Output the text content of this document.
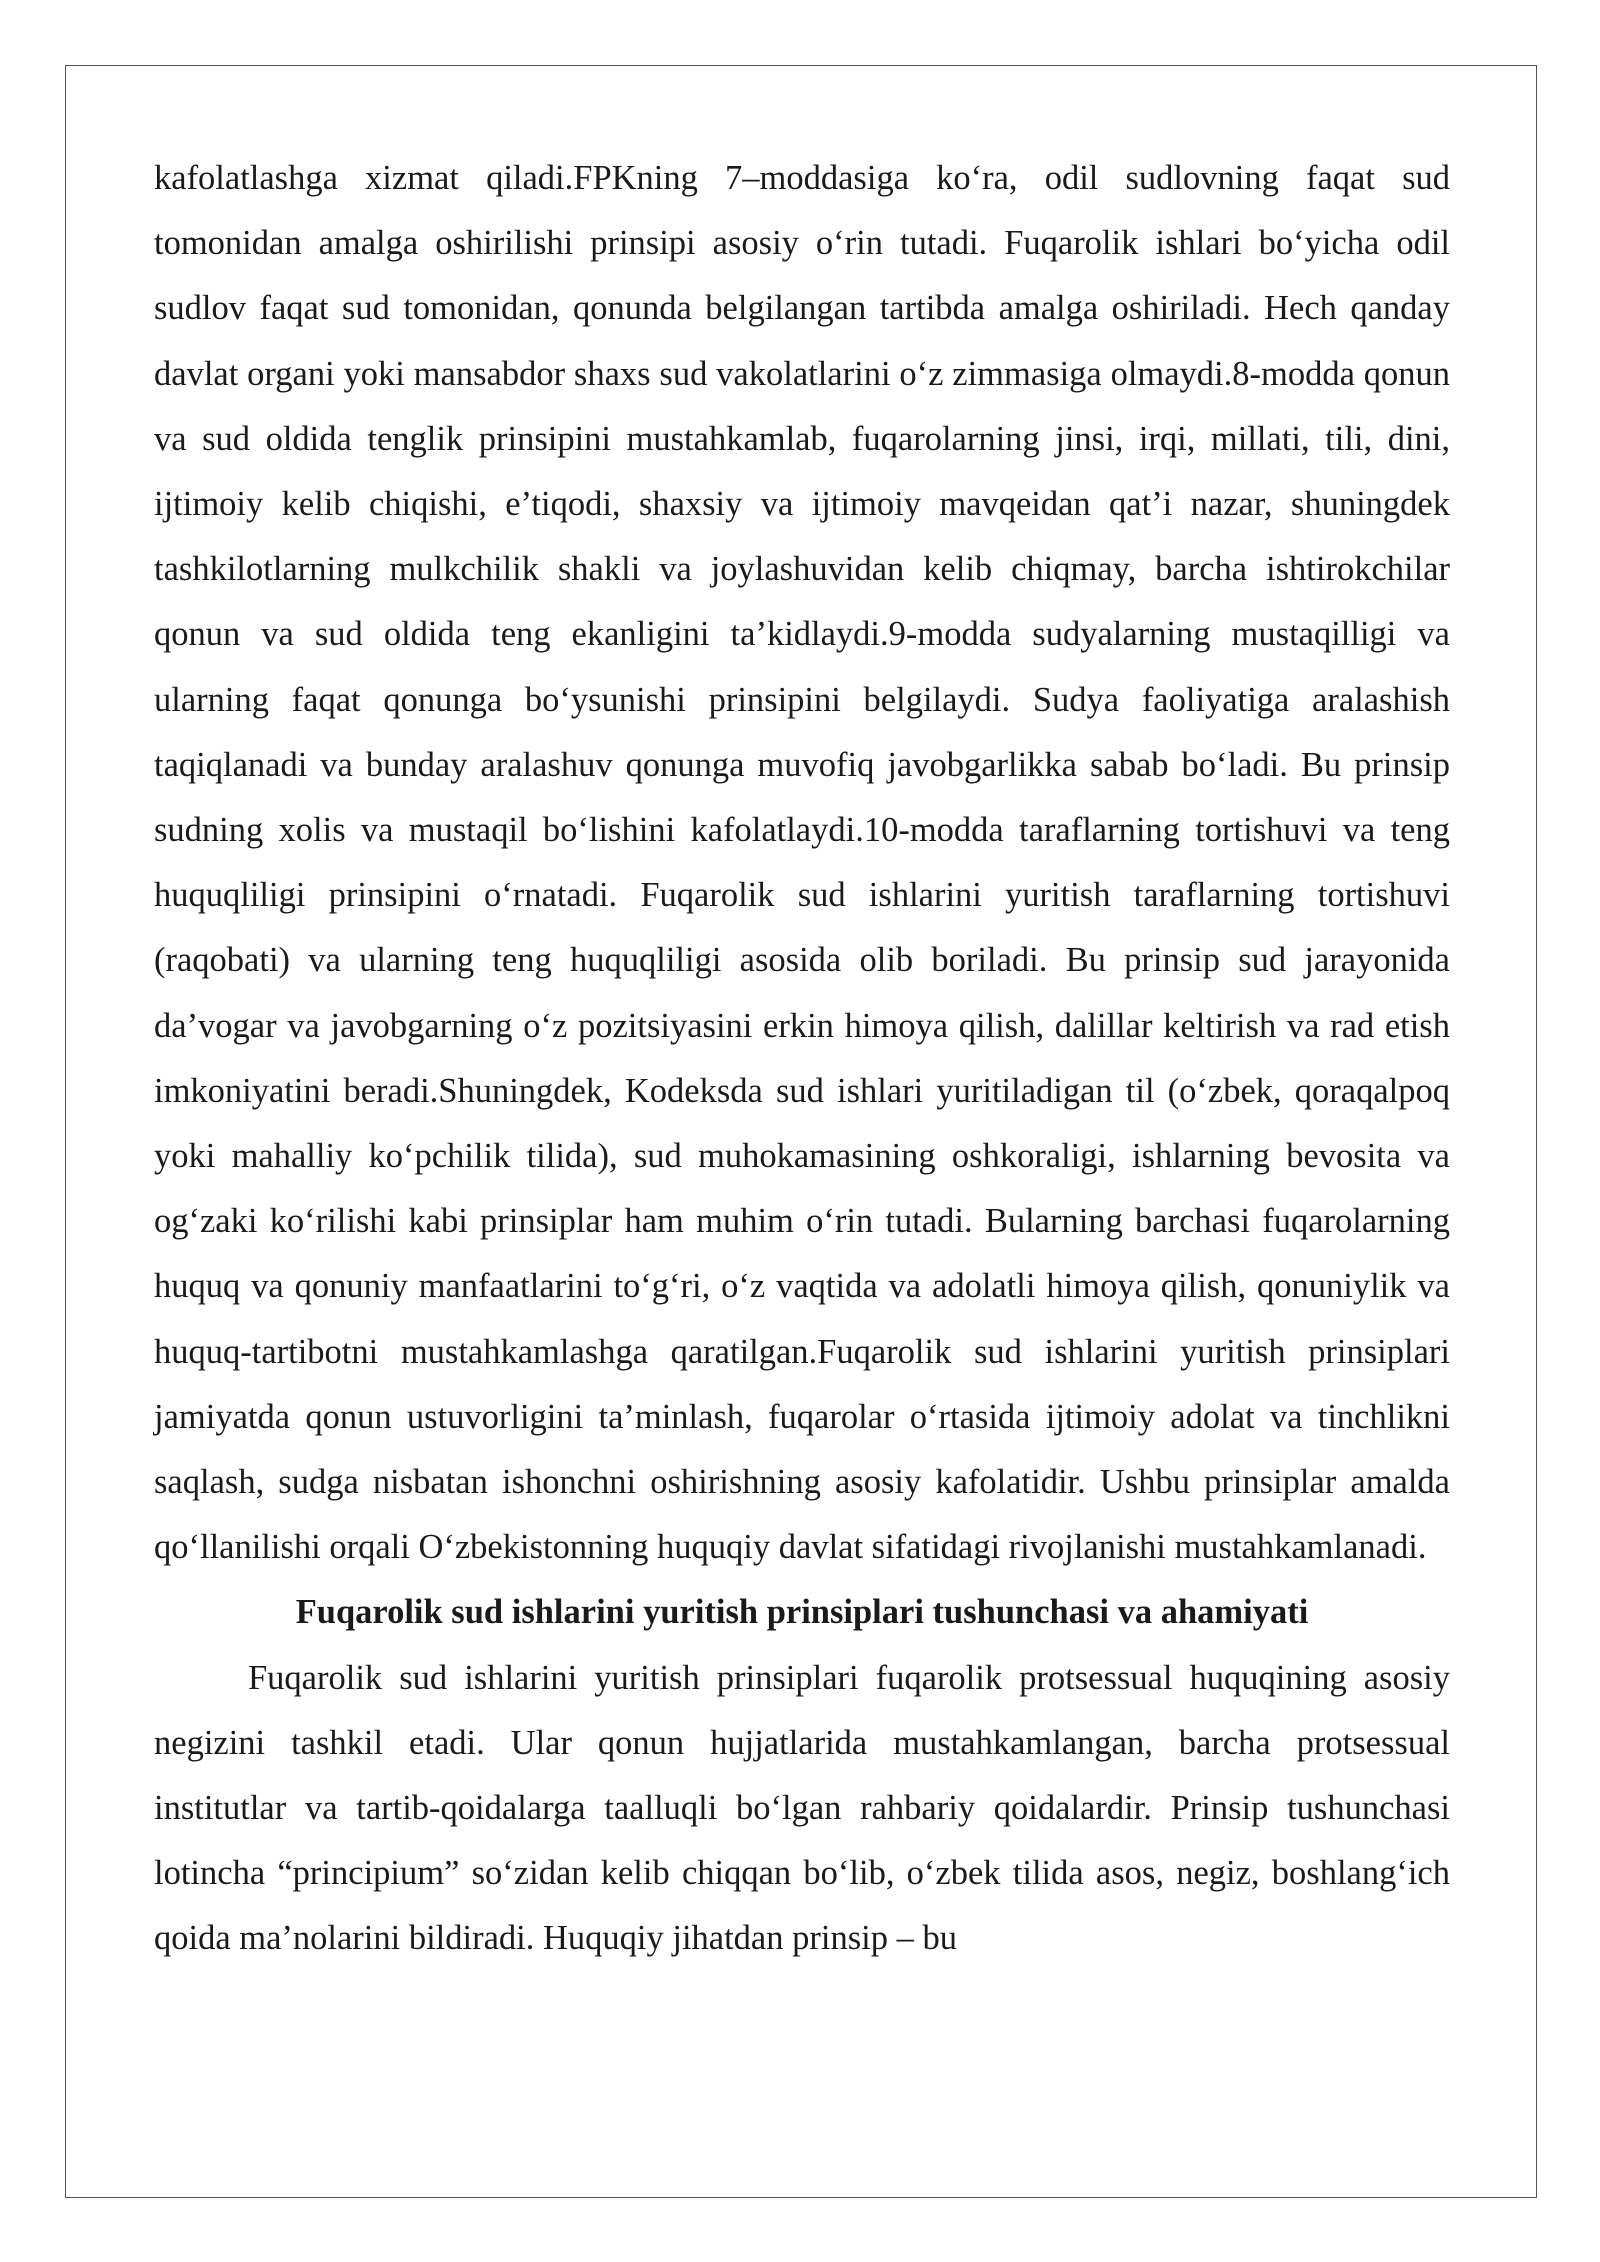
kafolatlashga xizmat qiladi.FPKning 7–moddasiga ko‘ra, odil sudlovning faqat sud tomonidan amalga oshirilishi prinsipi asosiy o‘rin tutadi. Fuqarolik ishlari bo‘yicha odil sudlov faqat sud tomonidan, qonunda belgilangan tartibda amalga oshiriladi. Hech qanday davlat organi yoki mansabdor shaxs sud vakolatlarini o‘z zimmasiga olmaydi.8-modda qonun va sud oldida tenglik prinsipini mustahkamlab, fuqarolarning jinsi, irqi, millati, tili, dini, ijtimoiy kelib chiqishi, e’tiqodi, shaxsiy va ijtimoiy mavqeidan qat’i nazar, shuningdek tashkilotlarning mulkchilik shakli va joylashuvidan kelib chiqmay, barcha ishtirokchilar qonun va sud oldida teng ekanligini ta’kidlaydi.9-modda sudyalarning mustaqilligi va ularning faqat qonunga bo‘ysunishi prinsipini belgilaydi. Sudya faoliyatiga aralashish taqiqlanadi va bunday aralashuv qonunga muvofiq javobgarlikka sabab bo‘ladi. Bu prinsip sudning xolis va mustaqil bo‘lishini kafolatlaydi.10-modda taraflarning tortishuvi va teng huquqliligi prinsipini o‘rnatadi. Fuqarolik sud ishlarini yuritish taraflarning tortishuvi (raqobati) va ularning teng huquqliligi asosida olib boriladi. Bu prinsip sud jarayonida da’vogar va javobgarning o‘z pozitsiyasini erkin himoya qilish, dalillar keltirish va rad etish imkoniyatini beradi.Shuningdek, Kodeksda sud ishlari yuritiladigan til (o‘zbek, qoraqalpoq yoki mahalliy ko‘pchilik tilida), sud muhokamasining oshkoraligi, ishlarning bevosita va og‘zaki ko‘rilishi kabi prinsiplar ham muhim o‘rin tutadi. Bularning barchasi fuqarolarning huquq va qonuniy manfaatlarini to‘g‘ri, o‘z vaqtida va adolatli himoya qilish, qonuniylik va huquq-tartibotni mustahkamlashga qaratilgan.Fuqarolik sud ishlarini yuritish prinsiplari jamiyatda qonun ustuvorligini ta’minlash, fuqarolar o‘rtasida ijtimoiy adolat va tinchlikni saqlash, sudga nisbatan ishonchni oshirishning asosiy kafolatidir. Ushbu prinsiplar amalda qo‘llanilishi orqali O‘zbekistonning huquqiy davlat sifatidagi rivojlanishi mustahkamlanadi.

Fuqarolik sud ishlarini yuritish prinsiplari tushunchasi va ahamiyati

Fuqarolik sud ishlarini yuritish prinsiplari fuqarolik protsessual huquqining asosiy negizini tashkil etadi. Ular qonun hujjatlarida mustahkamlangan, barcha protsessual institutlar va tartib-qoidalarga taalluqli bo‘lgan rahbariy qoidalardir. Prinsip tushunchasi lotincha “principium” so‘zidan kelib chiqqan bo‘lib, o‘zbek tilida asos, negiz, boshlang‘ich qoida ma’nolarini bildiradi. Huquqiy jihatdan prinsip – bu
